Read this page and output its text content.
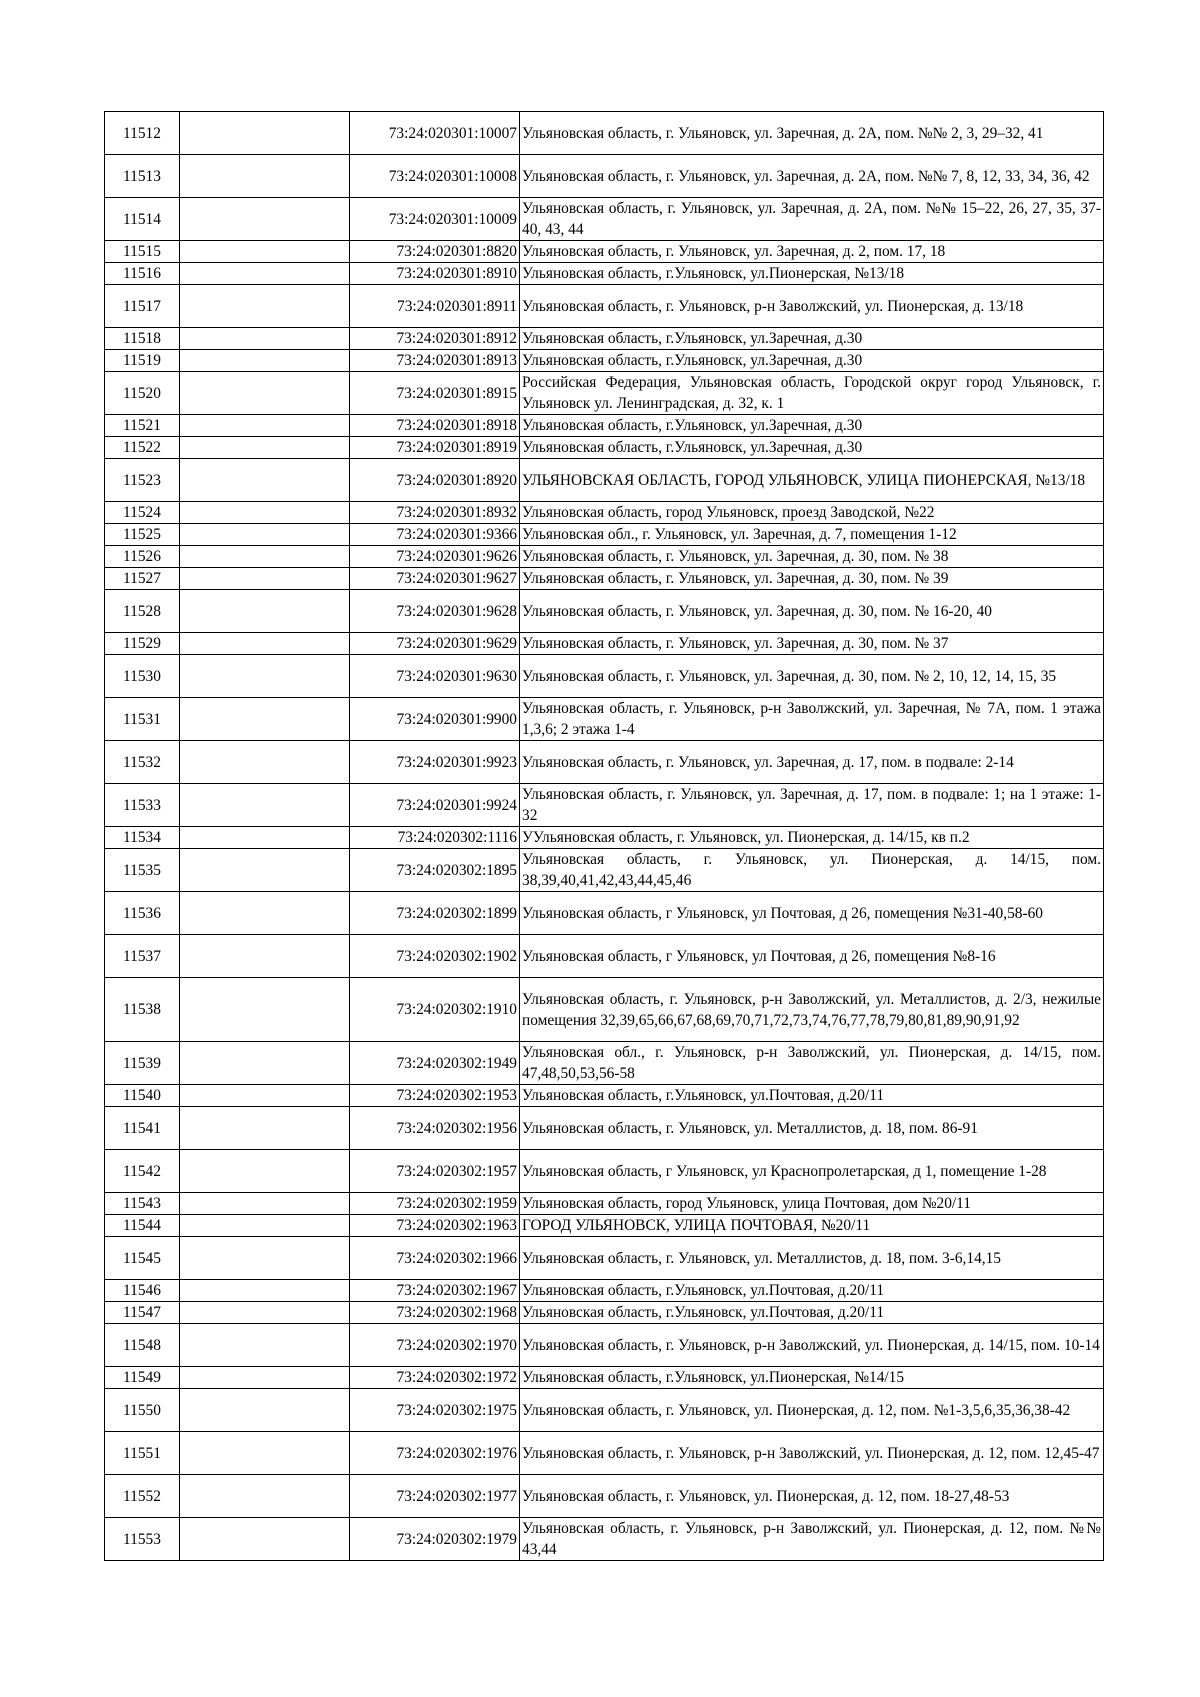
11512		73:24:020301:10007	Ульяновская область, г. Ульяновск, ул. Заречная, д. 2А, пом. №№ 2, 3, 29–32, 41
11513		73:24:020301:10008	Ульяновская область, г. Ульяновск, ул. Заречная, д. 2А, пом. №№ 7, 8, 12, 33, 34, 36, 42
11514		73:24:020301:10009	Ульяновская область, г. Ульяновск, ул. Заречная, д. 2А, пом. №№ 15–22, 26, 27, 35, 37-40, 43, 44
11515		73:24:020301:8820	Ульяновская область, г. Ульяновск, ул. Заречная, д. 2, пом. 17, 18
11516		73:24:020301:8910	Ульяновская область, г.Ульяновск, ул.Пионерская, №13/18
11517		73:24:020301:8911	Ульяновская область, г. Ульяновск, р-н Заволжский, ул. Пионерская, д. 13/18
11518		73:24:020301:8912	Ульяновская область, г.Ульяновск, ул.Заречная, д.30
11519		73:24:020301:8913	Ульяновская область, г.Ульяновск, ул.Заречная, д.30
11520		73:24:020301:8915	Российская Федерация, Ульяновская область, Городской округ город Ульяновск, г. Ульяновск ул. Ленинградская, д. 32, к. 1
11521		73:24:020301:8918	Ульяновская область, г.Ульяновск, ул.Заречная, д.30
11522		73:24:020301:8919	Ульяновская область, г.Ульяновск, ул.Заречная, д.30
11523		73:24:020301:8920	УЛЬЯНОВСКАЯ ОБЛАСТЬ, ГОРОД УЛЬЯНОВСК, УЛИЦА ПИОНЕРСКАЯ, №13/18
11524		73:24:020301:8932	Ульяновская область, город Ульяновск, проезд Заводской, №22
11525		73:24:020301:9366	Ульяновская обл., г. Ульяновск, ул. Заречная, д. 7, помещения 1-12
11526		73:24:020301:9626	Ульяновская область, г. Ульяновск, ул. Заречная, д. 30, пом. № 38
11527		73:24:020301:9627	Ульяновская область, г. Ульяновск, ул. Заречная, д. 30, пом. № 39
11528		73:24:020301:9628	Ульяновская область, г. Ульяновск, ул. Заречная, д. 30, пом. № 16-20, 40
11529		73:24:020301:9629	Ульяновская область, г. Ульяновск, ул. Заречная, д. 30, пом. № 37
11530		73:24:020301:9630	Ульяновская область, г. Ульяновск, ул. Заречная, д. 30, пом. № 2, 10, 12, 14, 15, 35
11531		73:24:020301:9900	Ульяновская область, г. Ульяновск, р-н Заволжский, ул. Заречная, № 7А, пом. 1 этажа 1,3,6; 2 этажа 1-4
11532		73:24:020301:9923	Ульяновская область, г. Ульяновск, ул. Заречная, д. 17, пом. в подвале: 2-14
11533		73:24:020301:9924	Ульяновская область, г. Ульяновск, ул. Заречная, д. 17, пом. в подвале: 1; на 1 этаже: 1-32
11534		73:24:020302:1116	УУльяновская область, г. Ульяновск, ул. Пионерская, д. 14/15, кв п.2
11535		73:24:020302:1895	Ульяновская область, г. Ульяновск, ул. Пионерская, д. 14/15, пом. 38,39,40,41,42,43,44,45,46
11536		73:24:020302:1899	Ульяновская область, г Ульяновск, ул Почтовая, д 26, помещения №31-40,58-60
11537		73:24:020302:1902	Ульяновская область, г Ульяновск, ул Почтовая, д 26, помещения №8-16
11538		73:24:020302:1910	Ульяновская область, г. Ульяновск, р-н Заволжский, ул. Металлистов, д. 2/3, нежилые помещения 32,39,65,66,67,68,69,70,71,72,73,74,76,77,78,79,80,81,89,90,91,92
11539		73:24:020302:1949	Ульяновская обл., г. Ульяновск, р-н Заволжский, ул. Пионерская, д. 14/15, пом. 47,48,50,53,56-58
11540		73:24:020302:1953	Ульяновская область, г.Ульяновск, ул.Почтовая, д.20/11
11541		73:24:020302:1956	Ульяновская область, г. Ульяновск, ул. Металлистов, д. 18, пом. 86-91
11542		73:24:020302:1957	Ульяновская область, г Ульяновск, ул Краснопролетарская, д 1, помещение 1-28
11543		73:24:020302:1959	Ульяновская область, город Ульяновск, улица Почтовая, дом №20/11
11544		73:24:020302:1963	ГОРОД УЛЬЯНОВСК, УЛИЦА ПОЧТОВАЯ, №20/11
11545		73:24:020302:1966	Ульяновская область, г. Ульяновск, ул. Металлистов, д. 18, пом. 3-6,14,15
11546		73:24:020302:1967	Ульяновская область, г.Ульяновск, ул.Почтовая, д.20/11
11547		73:24:020302:1968	Ульяновская область, г.Ульяновск, ул.Почтовая, д.20/11
11548		73:24:020302:1970	Ульяновская область, г. Ульяновск, р-н Заволжский, ул. Пионерская, д. 14/15, пом. 10-14
11549		73:24:020302:1972	Ульяновская область, г.Ульяновск, ул.Пионерская, №14/15
11550		73:24:020302:1975	Ульяновская область, г. Ульяновск, ул. Пионерская, д. 12, пом. №1-3,5,6,35,36,38-42
11551		73:24:020302:1976	Ульяновская область, г. Ульяновск, р-н Заволжский, ул. Пионерская, д. 12, пом. 12,45-47
11552		73:24:020302:1977	Ульяновская область, г. Ульяновск, ул. Пионерская, д. 12, пом. 18-27,48-53
11553		73:24:020302:1979	Ульяновская область, г. Ульяновск, р-н Заволжский, ул. Пионерская, д. 12, пом. №№ 43,44
